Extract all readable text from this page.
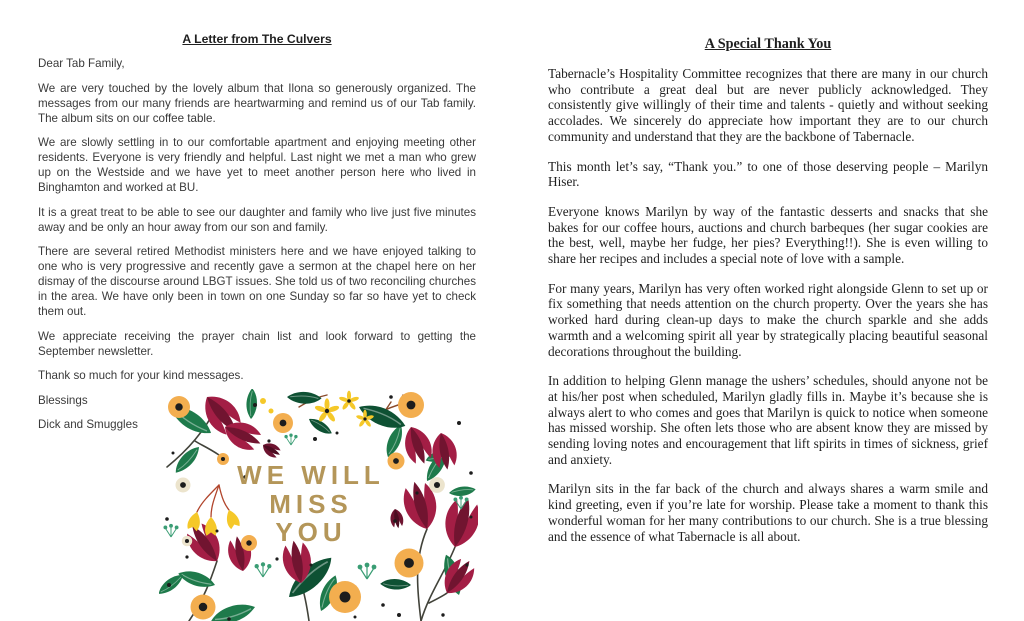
A Letter from The Culvers

Dear Tab Family,

We are very touched by the lovely album that Ilona so generously organized. The messages from our many friends are heartwarming and remind us of our Tab family. The album sits on our coffee table.

We are slowly settling in to our comfortable apartment and enjoying meeting other residents. Everyone is very friendly and helpful. Last night we met a man who grew up on the Westside and we have yet to meet another person here who lived in Binghamton and worked at BU.

It is a great treat to be able to see our daughter and family who live just five minutes away and be only an hour away from our son and family.

There are several retired Methodist ministers here and we have enjoyed talking to one who is very progressive and recently gave a sermon at the chapel here on her dismay of the discourse around LBGT issues. She told us of two reconciling churches in the area. We have only been in town on one Sunday so far so have yet to check them out.

We appreciate receiving the prayer chain list and look forward to getting the September newsletter.

Thank so much for your kind messages.

Blessings

Dick and Smuggles

A Special Thank You

Tabernacle’s Hospitality Committee recognizes that there are many in our church who contribute a great deal but are never publicly acknowledged. They consistently give willingly of their time and talents - quietly and without seeking accolades. We sincerely do appreciate how important they are to our church community and understand that they are the backbone of Tabernacle.

This month let’s say, “Thank you.” to one of those deserving people – Marilyn Hiser.

Everyone knows Marilyn by way of the fantastic desserts and snacks that she bakes for our coffee hours, auctions and church barbeques (her sugar cookies are the best, well, maybe her fudge, her pies? Everything!!). She is even willing to share her recipes and includes a special note of love with a sample.

For many years, Marilyn has very often worked right alongside Glenn to set up or fix something that needs attention on the church property. Over the years she has worked hard during clean-up days to make the church sparkle and she adds warmth and a welcoming spirit all year by strategically placing beautiful seasonal decorations throughout the building.

In addition to helping Glenn manage the ushers’ schedules, should anyone not be at his/her post when scheduled, Marilyn gladly fills in. Maybe it’s because she is always alert to who comes and goes that Marilyn is quick to notice when someone has missed worship. She often lets those who are absent know they are missed by sending loving notes and encouragement that lift spirits in times of sickness, grief and anxiety.

Marilyn sits in the far back of the church and always shares a warm smile and kind greeting, even if you’re late for worship. Please take a moment to thank this wonderful woman for her many contributions to our church. She is a true blessing and the essence of what Tabernacle is all about.

WE WILL
MISS
YOU
